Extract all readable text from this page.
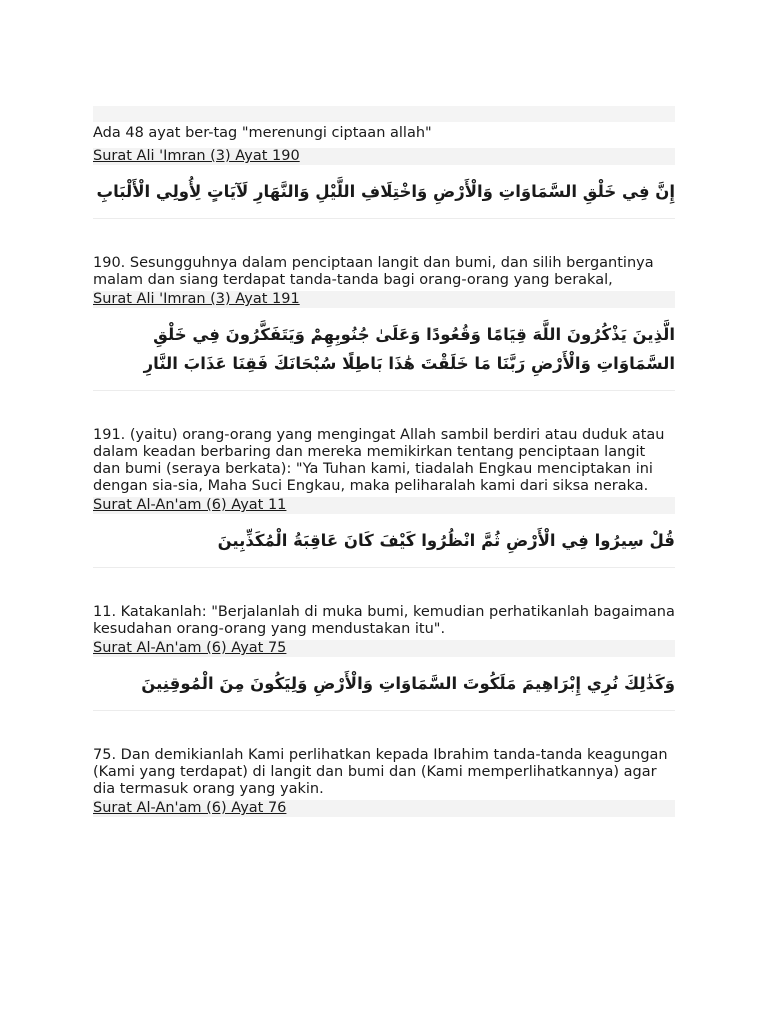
Ada 48 ayat ber-tag "merenungi ciptaan allah"
Surat Ali 'Imran (3) Ayat 190
إِنَّ فِي خَلْقِ السَّمَاوَاتِ وَالْأَرْضِ وَاخْتِلَافِ اللَّيْلِ وَالنَّهَارِ لَآيَاتٍ لِأُولِي الْأَلْبَابِ
190. Sesungguhnya dalam penciptaan langit dan bumi, dan silih bergantinya malam dan siang terdapat tanda-tanda bagi orang-orang yang berakal,
Surat Ali 'Imran (3) Ayat 191
الَّذِينَ يَذْكُرُونَ اللَّهَ قِيَامًا وَقُعُودًا وَعَلَىٰ جُنُوبِهِمْ وَيَتَفَكَّرُونَ فِي خَلْقِ السَّمَاوَاتِ وَالْأَرْضِ رَبَّنَا مَا خَلَقْتَ هَٰذَا بَاطِلًا سُبْحَانَكَ فَقِنَا عَذَابَ النَّارِ
191. (yaitu) orang-orang yang mengingat Allah sambil berdiri atau duduk atau dalam keadan berbaring dan mereka memikirkan tentang penciptaan langit dan bumi (seraya berkata): "Ya Tuhan kami, tiadalah Engkau menciptakan ini dengan sia-sia, Maha Suci Engkau, maka peliharalah kami dari siksa neraka.
Surat Al-An'am (6) Ayat 11
قُلْ سِيرُوا فِي الْأَرْضِ ثُمَّ انْظُرُوا كَيْفَ كَانَ عَاقِبَةُ الْمُكَذِّبِينَ
11. Katakanlah: "Berjalanlah di muka bumi, kemudian perhatikanlah bagaimana kesudahan orang-orang yang mendustakan itu".
Surat Al-An'am (6) Ayat 75
وَكَذَٰلِكَ نُرِي إِبْرَاهِيمَ مَلَكُوتَ السَّمَاوَاتِ وَالْأَرْضِ وَلِيَكُونَ مِنَ الْمُوقِنِينَ
75. Dan demikianlah Kami perlihatkan kepada Ibrahim tanda-tanda keagungan (Kami yang terdapat) di langit dan bumi dan (Kami memperlihatkannya) agar dia termasuk orang yang yakin.
Surat Al-An'am (6) Ayat 76
